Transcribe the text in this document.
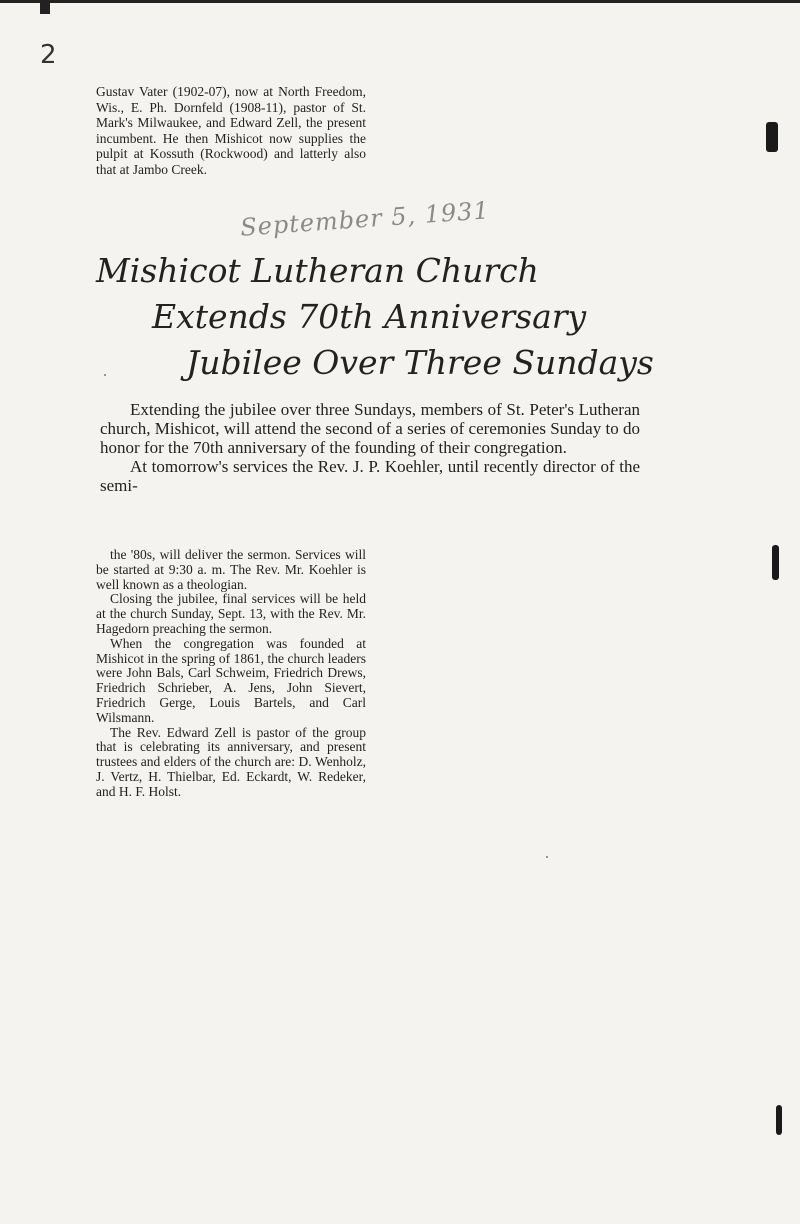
2
Gustav Vater (1902-07), now at North Freedom, Wis., E. Ph. Dornfeld (1908-11), pastor of St. Mark's Milwaukee, and Edward Zell, the present incumbent. He then Mishicot now supplies the pulpit at Kossuth (Rockwood) and latterly also that at Jambo Creek.
September 5, 1931
Mishicot Lutheran Church
Extends 70th Anniversary
Jubilee Over Three Sundays

Extending the jubilee over three Sundays, members of St. Peter's Lutheran church, Mishicot, will attend the second of a series of ceremonies Sunday to do honor for the 70th anniversary of the founding of their congregation.

At tomorrow's services the Rev. J. P. Koehler, until recently director of the semi-

the '80s, will deliver the sermon. Services will be started at 9:30 a. m. The Rev. Mr. Koehler is well known as a theologian.

Closing the jubilee, final services will be held at the church Sunday, Sept. 13, with the Rev. Mr. Hagedorn preaching the sermon.

When the congregation was founded at Mishicot in the spring of 1861, the church leaders were John Bals, Carl Schweim, Friedrich Drews, Friedrich Schrieber, A. Jens, John Sievert, Friedrich Gerge, Louis Bartels, and Carl Wilsmann.

The Rev. Edward Zell is pastor of the group that is celebrating its anniversary, and present trustees and elders of the church are: D. Wenholz, J. Vertz, H. Thielbar, Ed. Eckardt, W. Redeker, and H. F. Holst.
